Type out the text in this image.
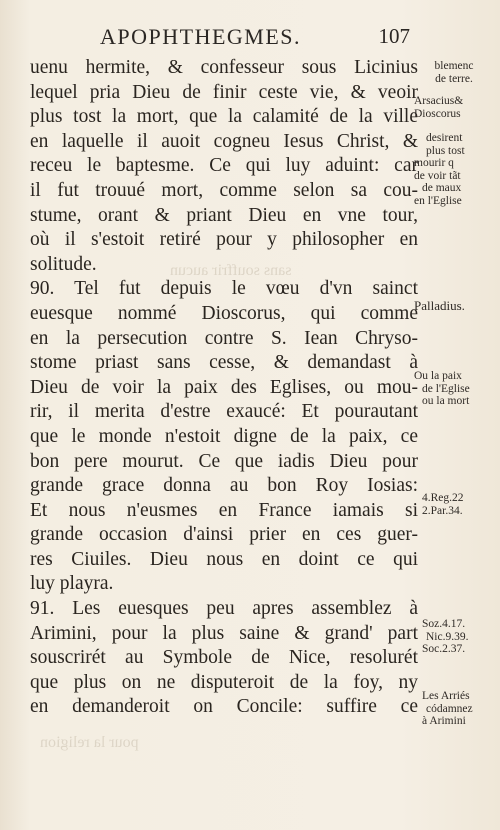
APOPHTHEGMES.	107
sans souffrir aucun
pour la religion
uenu hermite, & confesseur sous Licinius
lequel pria Dieu de finir ceste vie, & veoir
plus tost la mort, que la calamité de la ville
en laquelle il auoit cogneu Iesus Christ, &
receu le baptesme. Ce qui luy aduint: car
il fut trouué mort, comme selon sa cou-
stume, orant & priant Dieu en vne tour,
où il s'estoit retiré pour y philosopher en
solitude.
90. Tel fut depuis le vœu d'vn sainct
euesque nommé Dioscorus, qui comme
en la persecution contre S. Iean Chryso-
stome priast sans cesse, & demandast à
Dieu de voir la paix des Eglises, ou mou-
rir, il merita d'estre exaucé: Et pourautant
que le monde n'estoit digne de la paix, ce
bon pere mourut. Ce que iadis Dieu pour
grande grace donna au bon Roy Iosias:
Et nous n'eusmes en France iamais si
grande occasion d'ainsi prier en ces guer-
res Ciuiles. Dieu nous en doint ce qui
luy playra.
91. Les euesques peu apres assemblez à
Arimini, pour la plus saine & grand' part
souscrirét au Symbole de Nice, resolurét
que plus on ne disputeroit de la foy, ny
en demanderoit on Concile: suffire ce
blemenc
de terre.
Arsacius&
Dioscorus
desirent
plus tost
mourir q
de voir tãt
de maux
en l'Eglise
Palladius.
Ou la paix
de l'Eglise
ou la mort
4.Reg.22
2.Par.34.
Soz.4.17.
Nic.9.39.
Soc.2.37.
Les Arriés
códamnez
à Arimini
